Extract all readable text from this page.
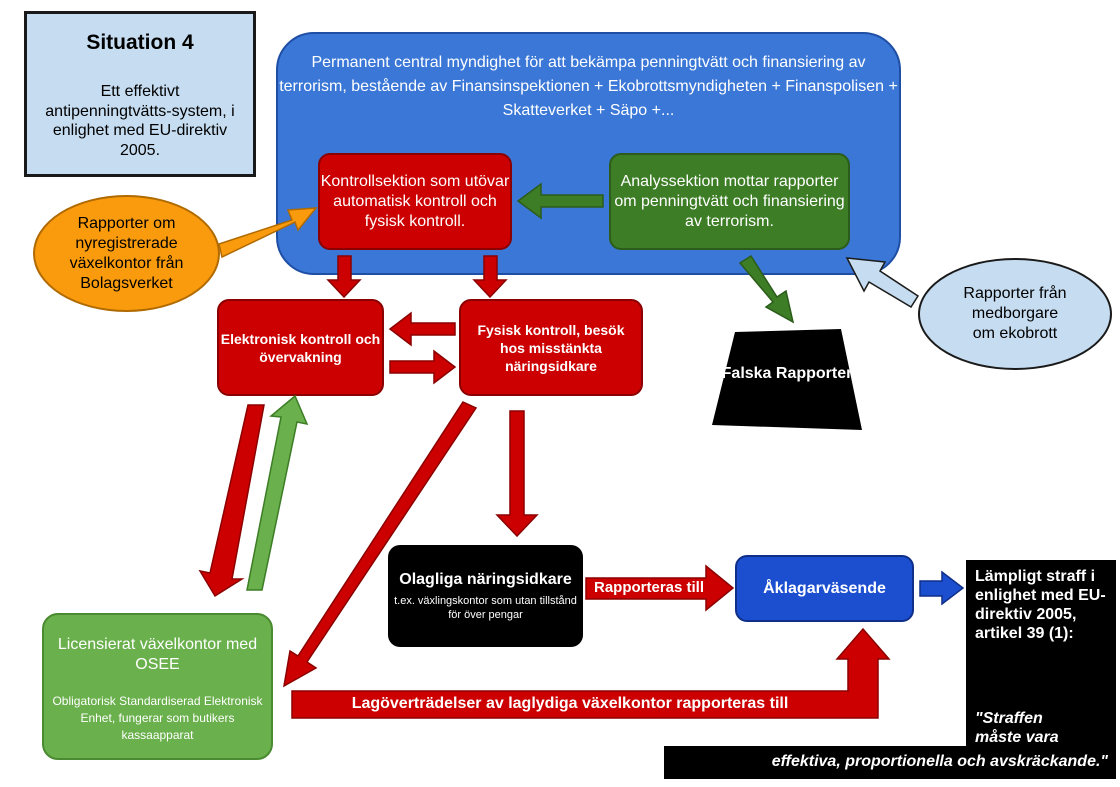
Situation 4
Ett effektivt antipenningtvätts-system, i enlighet med EU-direktiv 2005.
Permanent central myndighet för att bekämpa penningtvätt och finansiering av terrorism, bestående av Finansinspektionen + Ekobrottsmyndigheten + Finanspolisen + Skatteverket + Säpo +...
Kontrollsektion som utövar automatisk kontroll och fysisk kontroll.
Analyssektion mottar rapporter om penningtvätt och finansiering av terrorism.
Rapporter om nyregistrerade växelkontor från Bolagsverket
Rapporter från medborgare om ekobrott
Elektronisk kontroll och övervakning
Fysisk kontroll, besök hos misstänkta näringsidkare	Falska Rapporter
Olagliga näringsidkare
t.ex. växlingskontor som utan tillstånd för över pengar
Rapporteras till	Åklagarväsende
Licensierat växelkontor med OSEE
Obligatorisk Standardiserad Elektronisk Enhet, fungerar som butikers kassaapparat
Lagöverträdelser av laglydiga växelkontor rapporteras till
Lämpligt straff i enlighet med EU-direktiv 2005, artikel 39 (1):
"Straffen måste vara
effektiva, proportionella och avskräckande."
